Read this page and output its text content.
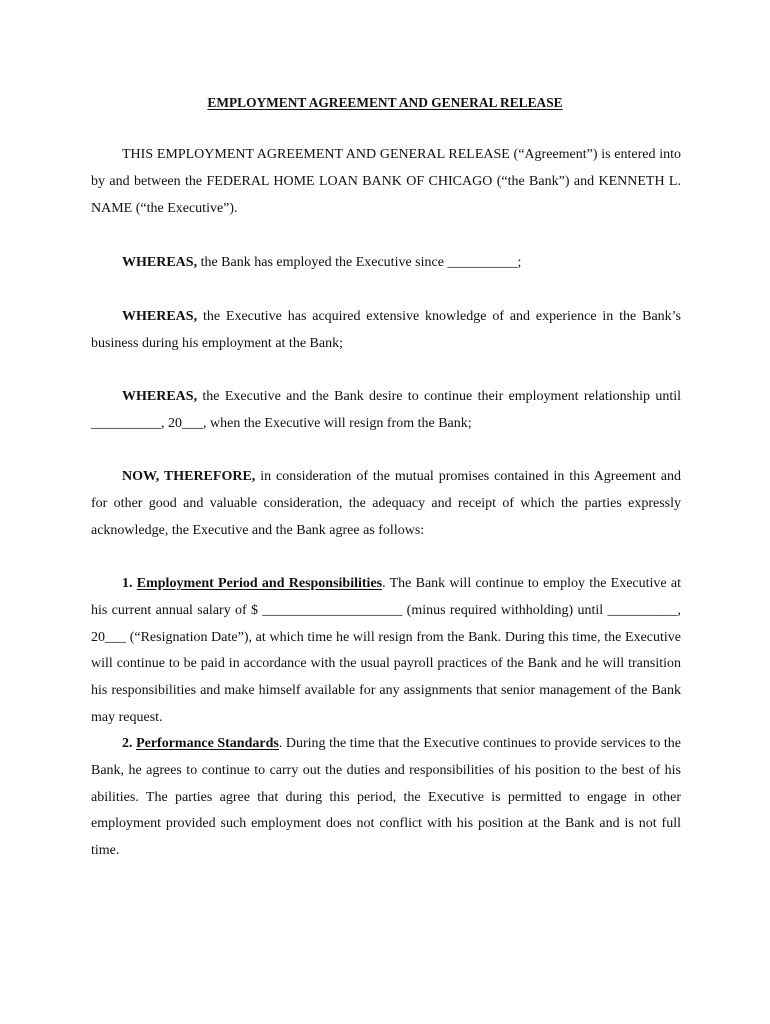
EMPLOYMENT AGREEMENT AND GENERAL RELEASE
THIS EMPLOYMENT AGREEMENT AND GENERAL RELEASE (“Agreement”) is entered into by and between the FEDERAL HOME LOAN BANK OF CHICAGO (“the Bank”) and KENNETH L. NAME (“the Executive”).
WHEREAS, the Bank has employed the Executive since __________;
WHEREAS, the Executive has acquired extensive knowledge of and experience in the Bank’s business during his employment at the Bank;
WHEREAS, the Executive and the Bank desire to continue their employment relationship until __________, 20___, when the Executive will resign from the Bank;
NOW, THEREFORE, in consideration of the mutual promises contained in this Agreement and for other good and valuable consideration, the adequacy and receipt of which the parties expressly acknowledge, the Executive and the Bank agree as follows:
1. Employment Period and Responsibilities. The Bank will continue to employ the Executive at his current annual salary of $ ____________________ (minus required withholding) until __________, 20___ (“Resignation Date”), at which time he will resign from the Bank. During this time, the Executive will continue to be paid in accordance with the usual payroll practices of the Bank and he will transition his responsibilities and make himself available for any assignments that senior management of the Bank may request.
2. Performance Standards. During the time that the Executive continues to provide services to the Bank, he agrees to continue to carry out the duties and responsibilities of his position to the best of his abilities. The parties agree that during this period, the Executive is permitted to engage in other employment provided such employment does not conflict with his position at the Bank and is not full time.
